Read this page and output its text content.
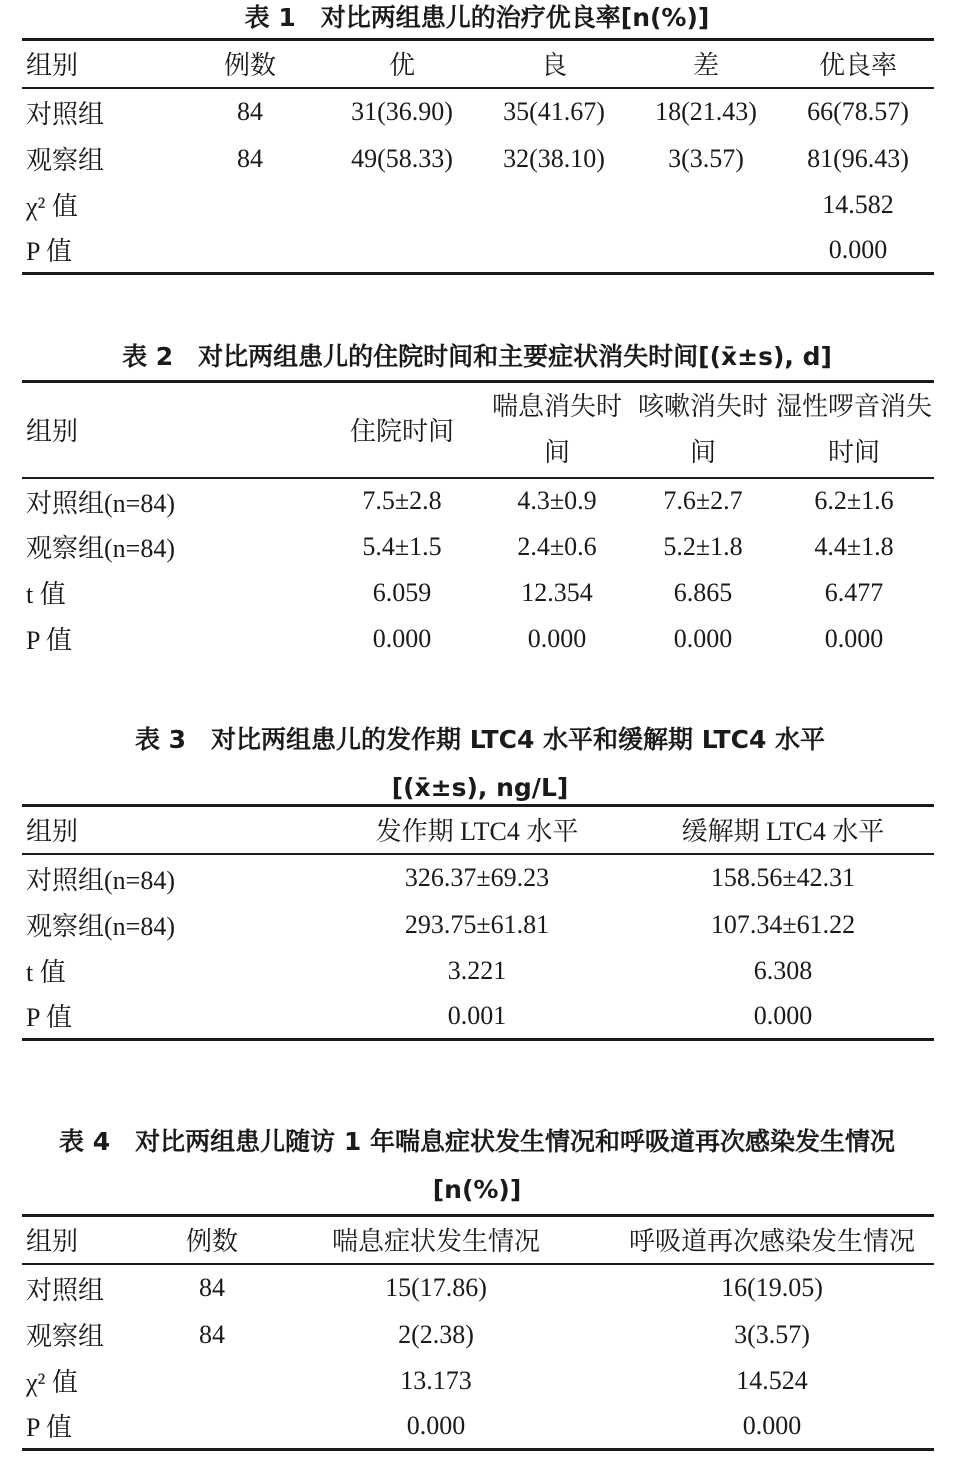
表 1　对比两组患儿的治疗优良率[n(%)]
组别	例数	优	良	差	优良率
对照组	84	31(36.90)	35(41.67)	18(21.43)	66(78.57)
观察组	84	49(58.33)	32(38.10)	3(3.57)	81(96.43)
χ² 值					14.582
P 值					0.000
表 2　对比两组患儿的住院时间和主要症状消失时间[(x̄±s), d]
组别	住院时间	喘息消失时间	咳嗽消失时间	湿性啰音消失时间
对照组(n=84)	7.5±2.8	4.3±0.9	7.6±2.7	6.2±1.6
观察组(n=84)	5.4±1.5	2.4±0.6	5.2±1.8	4.4±1.8
t 值	6.059	12.354	6.865	6.477
P 值	0.000	0.000	0.000	0.000
表 3　对比两组患儿的发作期 LTC4 水平和缓解期 LTC4 水平[(x̄±s), ng/L]
组别	发作期 LTC4 水平	缓解期 LTC4 水平
对照组(n=84)	326.37±69.23	158.56±42.31
观察组(n=84)	293.75±61.81	107.34±61.22
t 值	3.221	6.308
P 值	0.001	0.000
表 4　对比两组患儿随访 1 年喘息症状发生情况和呼吸道再次感染发生情况[n(%)]
组别	例数	喘息症状发生情况	呼吸道再次感染发生情况
对照组	84	15(17.86)	16(19.05)
观察组	84	2(2.38)	3(3.57)
χ² 值		13.173	14.524
P 值		0.000	0.000
